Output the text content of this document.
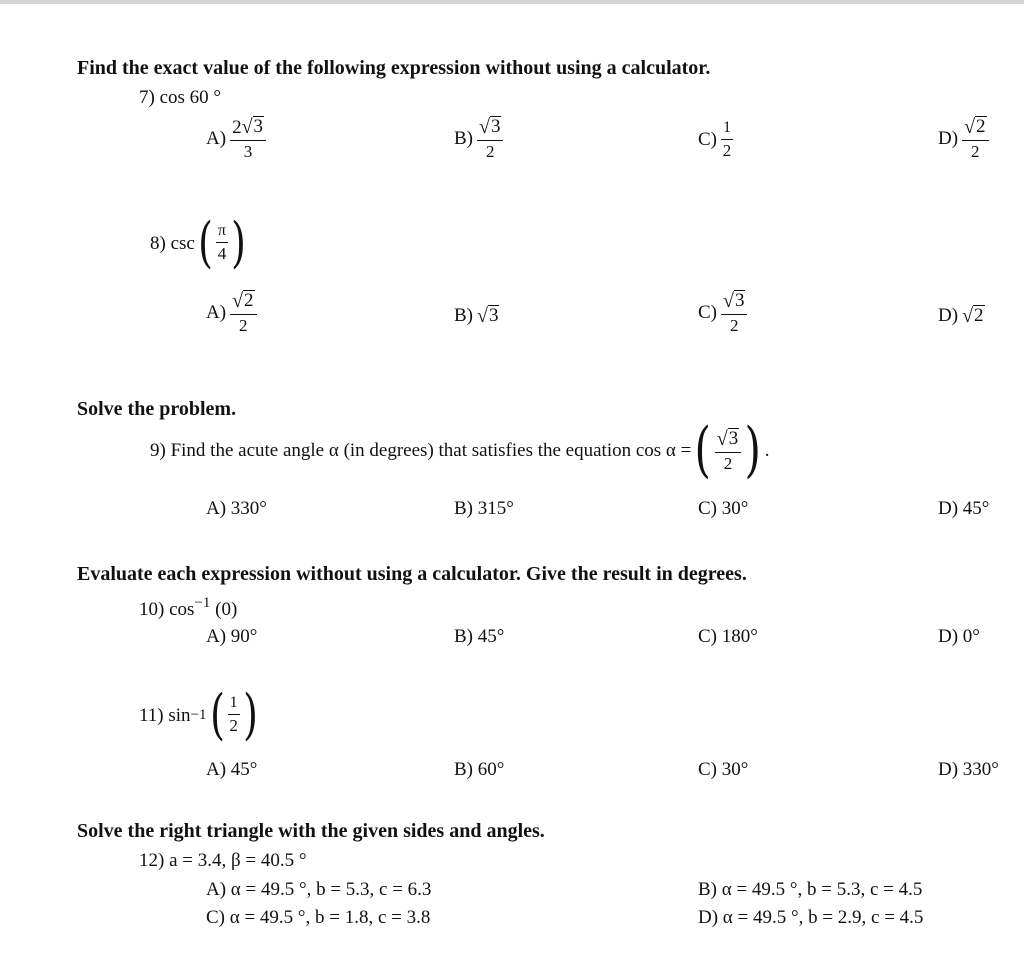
Find the exact value of the following expression without using a calculator.
7) cos 60 °
$A) \frac{2 √ 3}{3}$	$B) \frac{√ 3}{2}$	$C) \frac{1}{2}$	$D) \frac{√ 2}{2}$
8)
csc ( $\frac{\pi}{4}$ )
$A) \frac{√ 2}{2}$	B) √ 3	$C) \frac{√ 3}{2}$	D) √ 2
Solve the problem.
9) Find the acute angle α (in degrees) that satisfies the equation cos α = ( $\frac{√ 3}{2}$ ) .
A) 330°	B) 315°	C) 30°	D) 45°
Evaluate each expression without using a calculator. Give the result in degrees.
10) $\cos^{-1} (0)$
A) 90°	B) 45°	C) 180°	D) 0°
11)
sin −1 ( $\frac{1}{2}$ )
A) 45°	B) 60°	C) 30°	D) 330°
Solve the right triangle with the given sides and angles.
12) a = 3.4, β = 40.5 °
A) α = 49.5 °, b = 5.3, c = 6.3	B) α = 49.5 °, b = 5.3, c = 4.5
C) α = 49.5 °, b = 1.8, c = 3.8	D) α = 49.5 °, b = 2.9, c = 4.5
